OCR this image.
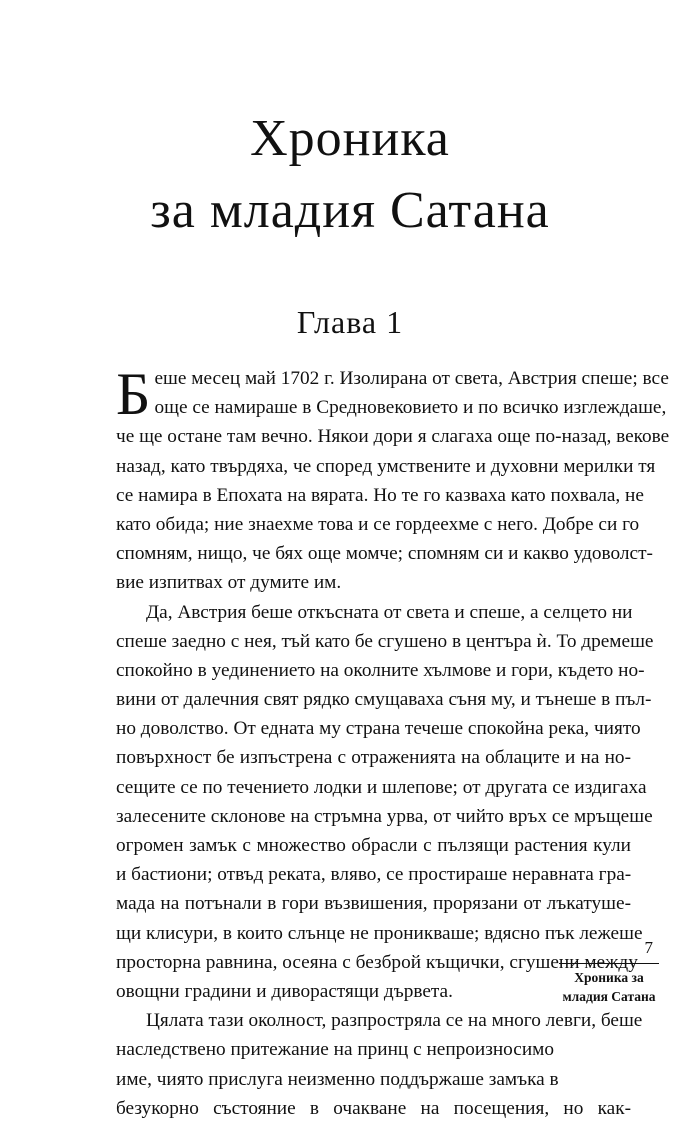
Хроника
за младия Сатана
Глава 1
Б еше месец май 1702 г. Изолирана от света, Австрия спеше; все
още се намираше в Средновековието и по всичко изглеждаше,
че ще остане там вечно. Някои дори я слагаха още по-назад, векове
назад, като твърдяха, че според умствените и духовни мерилки тя
се намира в Епохата на вярата. Но те го казваха като похвала, не
като обида; ние знаехме това и се гордеехме с него. Добре си го
спомням, нищо, че бях още момче; спомням си и какво удоволст-
вие изпитвах от думите им.
Да, Австрия беше откъсната от света и спеше, а селцето ни
спеше заедно с нея, тъй като бе сгушено в центъра ѝ. То дремеше
спокойно в уединението на околните хълмове и гори, където но-
вини от далечния свят рядко смущаваха съня му, и тънеше в пъл-
но доволство. От едната му страна течеше спокойна река, чиято
повърхност бе изпъстрена с отраженията на облаците и на но-
сещите се по течението лодки и шлепове; от другата се издигаха
залесените склонове на стръмна урва, от чийто връх се мръщеше
огромен замък с множество обрасли с пълзящи растения кули
и бастиони; отвъд реката, вляво, се простираше неравната гра-
мада на потънали в гори възвишения, прорязани от лъкатушe-
щи клисури, в които слънце не проникваше; вдясно пък лежеше
просторна равнина, осеяна с безброй къщички, сгушени между
овощни градини и диворастящи дървета.
Цялата тази околност, разпростряла се на много левги, беше
наследствено притежание на принц с непроизносимо
име, чиято прислуга неизменно поддържаше замъка в
безукорно състояние в очакване на посещения, но как-
7
Хроника за
младия Сатана
